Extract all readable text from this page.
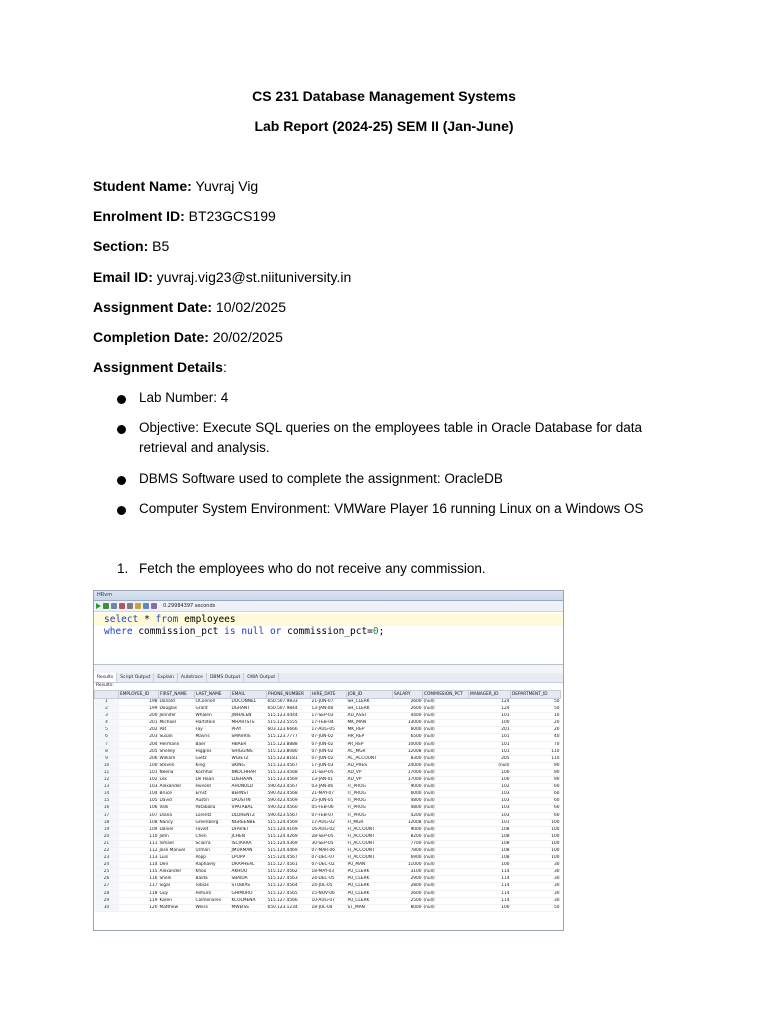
CS 231 Database Management Systems
Lab Report (2024-25) SEM II (Jan-June)
Student Name: Yuvraj Vig
Enrolment ID: BT23GCS199
Section: B5
Email ID: yuvraj.vig23@st.niituniversity.in
Assignment Date: 10/02/2025
Completion Date: 20/02/2025
Assignment Details:
Lab Number: 4
Objective: Execute SQL queries on the employees table in Oracle Database for data retrieval and analysis.
DBMS Software used to complete the assignment: OracleDB
Computer System Environment: VMWare Player 16 running Linux on a Windows OS
1. Fetch the employees who do not receive any commission.
HRvm
0.29984397 seconds
select * from employees
where commission_pct is null or commission_pct=0;
Results	Script Output	Explain	Autotrace	DBMS Output	OWA Output
Results:
	EMPLOYEE_ID	FIRST_NAME	LAST_NAME	EMAIL	PHONE_NUMBER	HIRE_DATE	JOB_ID	SALARY	COMMISSION_PCT	MANAGER_ID	DEPARTMENT_ID
1	198	Donald	OConnell	DOCONNEL	650.507.9833	21-JUN-07	SH_CLERK	2600	(null)	124	50
2	199	Douglas	Grant	DGRANT	650.507.9844	13-JAN-08	SH_CLERK	2600	(null)	124	50
3	200	Jennifer	Whalen	JWHALEN	515.123.4444	17-SEP-03	AD_ASST	4400	(null)	101	10
4	201	Michael	Hartstein	MHARTSTE	515.123.5555	17-FEB-04	MK_MAN	13000	(null)	100	20
5	202	Pat	Fay	PFAY	603.123.6666	17-AUG-05	MK_REP	6000	(null)	201	20
6	203	Susan	Mavris	SMAVRIS	515.123.7777	07-JUN-02	HR_REP	6500	(null)	101	40
7	204	Hermann	Baer	HBAER	515.123.8888	07-JUN-02	PR_REP	10000	(null)	101	70
8	205	Shelley	Higgins	SHIGGINS	515.123.8080	07-JUN-02	AC_MGR	12008	(null)	101	110
9	206	William	Gietz	WGIETZ	515.123.8181	07-JUN-02	AC_ACCOUNT	8300	(null)	205	110
10	100	Steven	King	SKING	515.123.4567	17-JUN-03	AD_PRES	24000	(null)	(null)	90
11	101	Neena	Kochhar	NKOCHHAR	515.123.4568	21-SEP-05	AD_VP	17000	(null)	100	90
12	102	Lex	De Haan	LDEHAAN	515.123.4569	13-JAN-01	AD_VP	17000	(null)	100	90
13	103	Alexander	Hunold	AHUNOLD	590.423.4567	03-JAN-06	IT_PROG	9000	(null)	102	60
14	104	Bruce	Ernst	BERNST	590.423.4568	21-MAY-07	IT_PROG	6000	(null)	103	60
15	105	David	Austin	DAUSTIN	590.423.4569	25-JUN-05	IT_PROG	4800	(null)	103	60
16	106	Valli	Pataballa	VPATABAL	590.423.4560	05-FEB-06	IT_PROG	4800	(null)	103	60
17	107	Diana	Lorentz	DLORENTZ	590.423.5567	07-FEB-07	IT_PROG	4200	(null)	103	60
18	108	Nancy	Greenberg	NGREENBE	515.124.4569	17-AUG-02	FI_MGR	12008	(null)	101	100
19	109	Daniel	Faviet	DFAVIET	515.124.4169	16-AUG-02	FI_ACCOUNT	9000	(null)	108	100
20	110	John	Chen	JCHEN	515.124.4269	28-SEP-05	FI_ACCOUNT	8200	(null)	108	100
21	111	Ismael	Sciarra	ISCIARRA	515.124.4369	30-SEP-05	FI_ACCOUNT	7700	(null)	108	100
22	112	Jose Manuel	Urman	JMURMAN	515.124.4469	07-MAR-06	FI_ACCOUNT	7800	(null)	108	100
23	113	Luis	Popp	LPOPP	515.124.4567	07-DEC-07	FI_ACCOUNT	6900	(null)	108	100
24	114	Den	Raphaely	DRAPHEAL	515.127.4561	07-DEC-02	PU_MAN	11000	(null)	100	30
25	115	Alexander	Khoo	AKHOO	515.127.4562	18-MAY-03	PU_CLERK	3100	(null)	114	30
26	116	Shelli	Baida	SBAIDA	515.127.4563	24-DEC-05	PU_CLERK	2900	(null)	114	30
27	117	Sigal	Tobias	STOBIAS	515.127.4564	24-JUL-05	PU_CLERK	2800	(null)	114	30
28	118	Guy	Himuro	GHIMURO	515.127.4565	15-NOV-06	PU_CLERK	2600	(null)	114	30
29	119	Karen	Colmenares	KCOLMENA	515.127.4566	10-AUG-07	PU_CLERK	2500	(null)	114	30
30	120	Matthew	Weiss	MWEISS	650.123.1234	18-JUL-04	ST_MAN	8000	(null)	100	50
